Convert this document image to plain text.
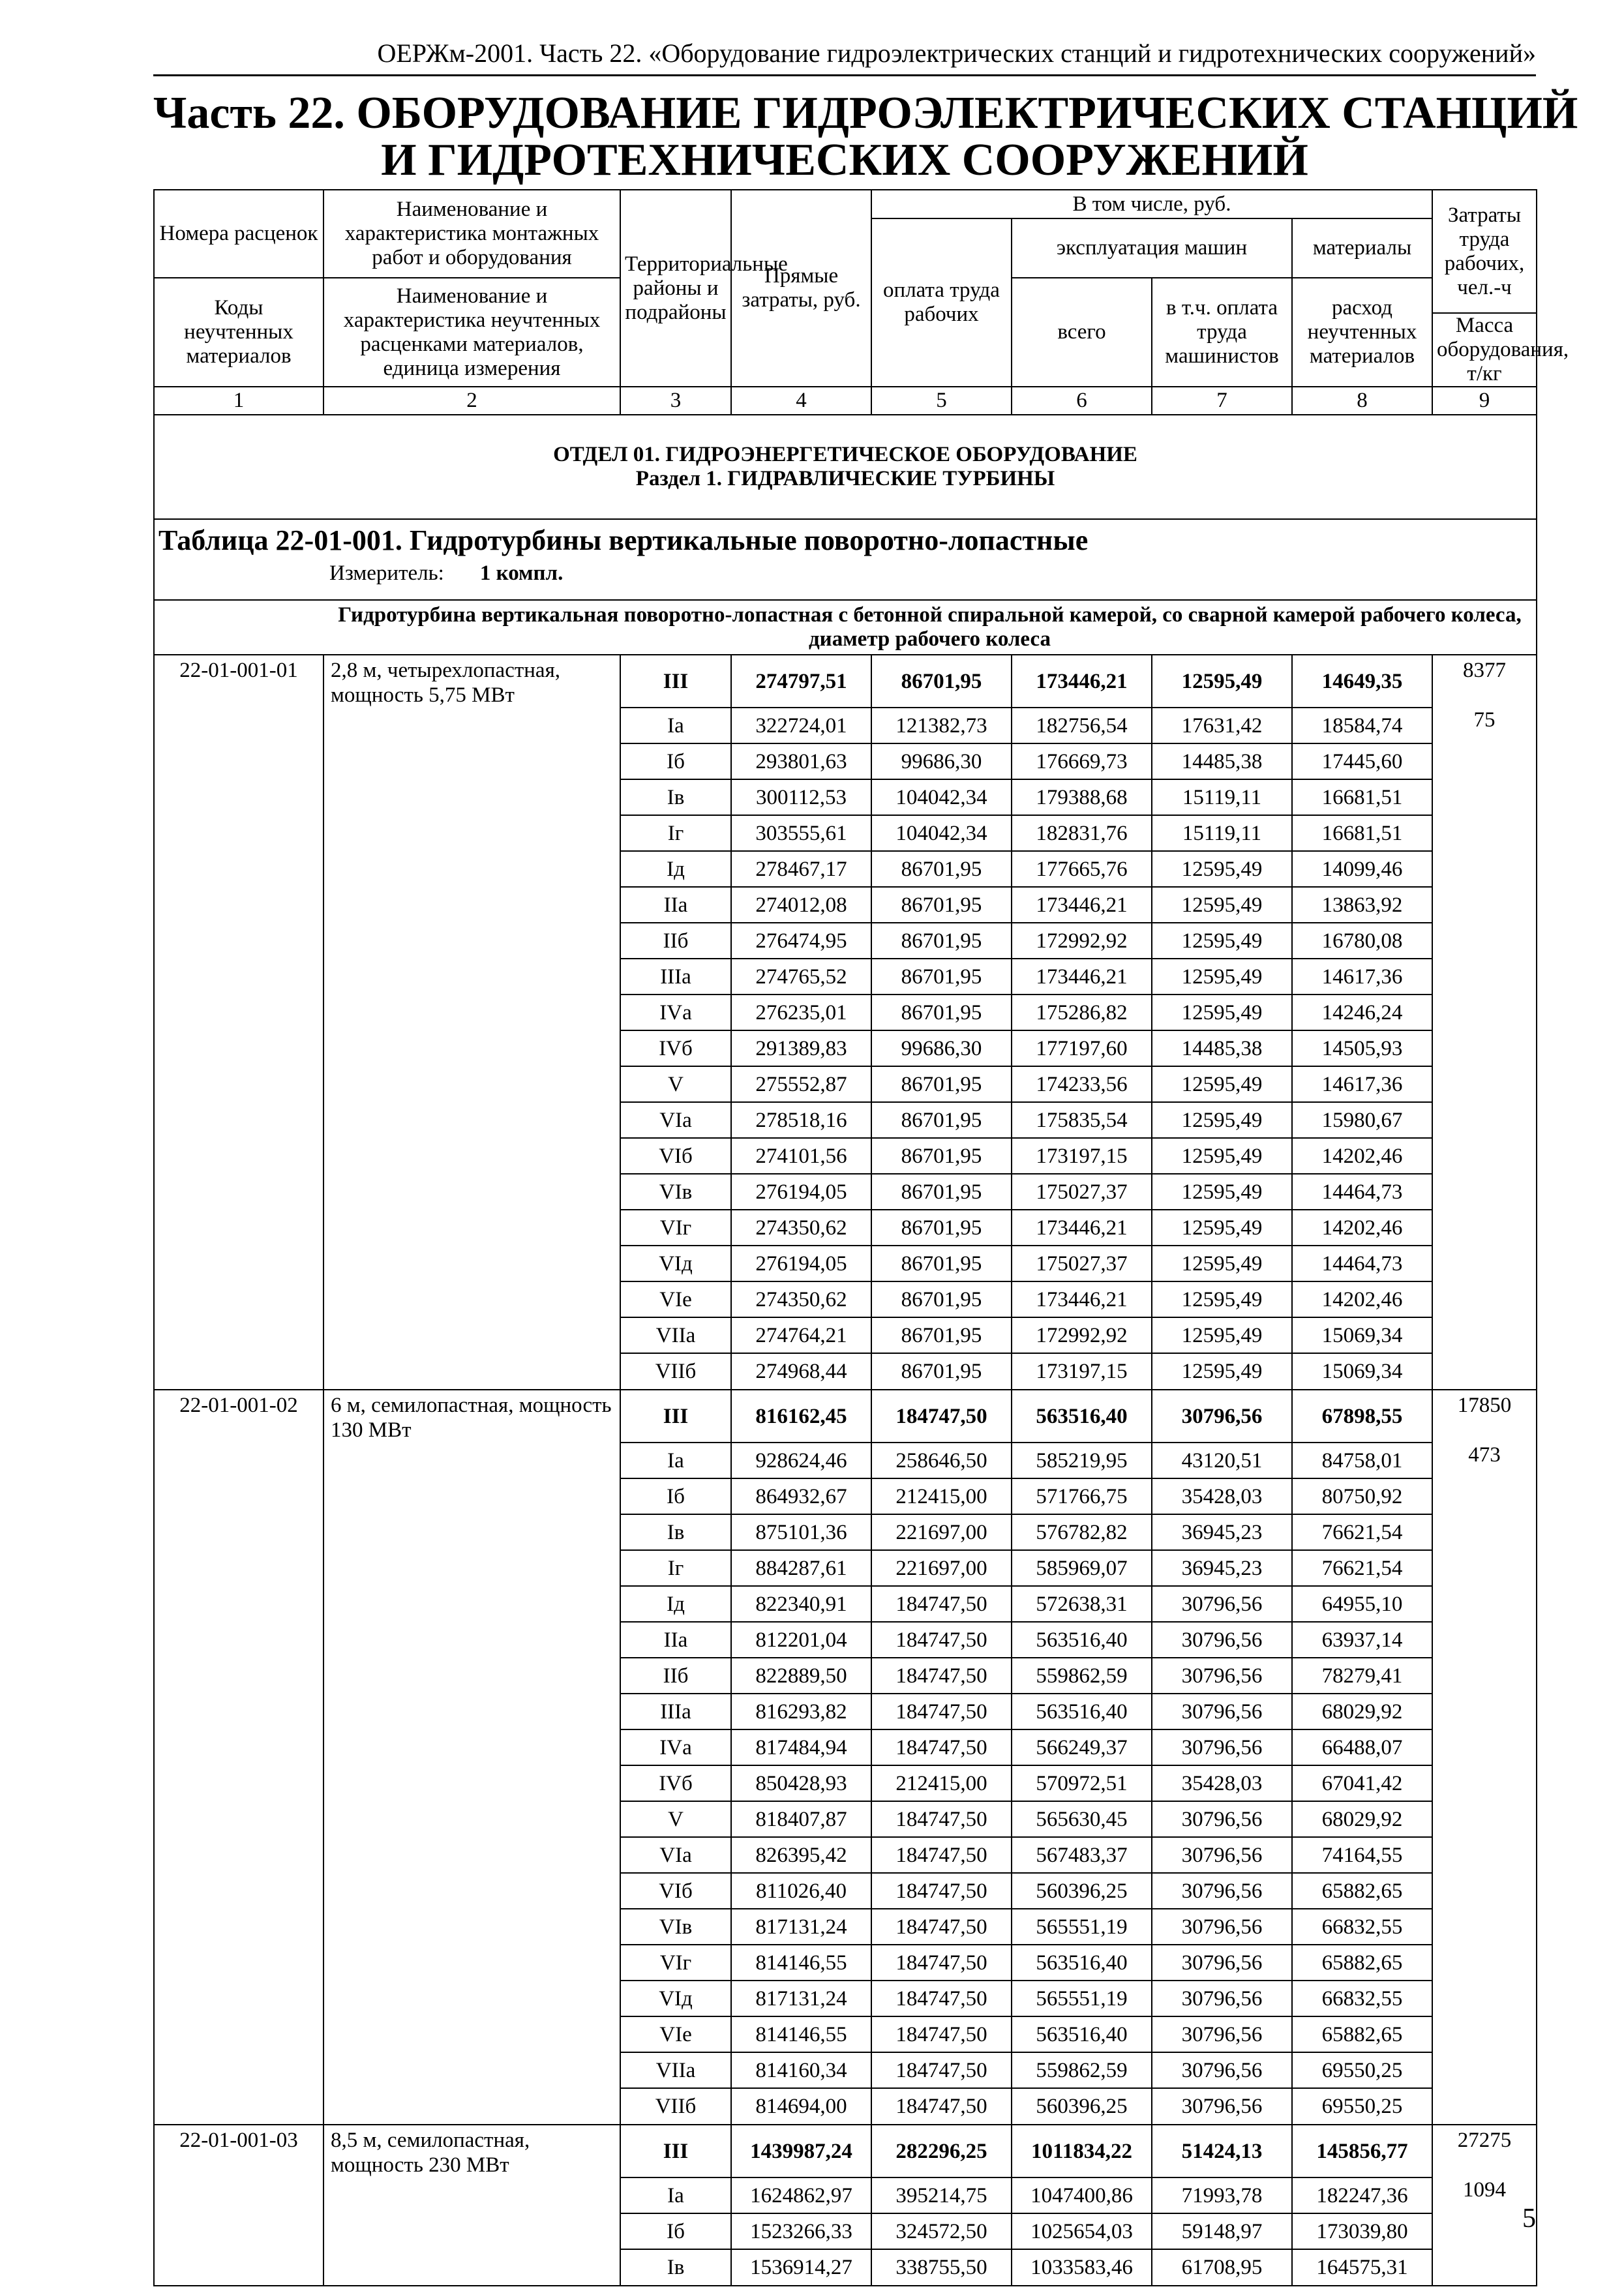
ОЕРЖм-2001. Часть 22. «Оборудование гидроэлектрических станций и гидротехнических сооружений»
Часть 22. ОБОРУДОВАНИЕ ГИДРОЭЛЕКТРИЧЕСКИХ СТАНЦИЙ
И ГИДРОТЕХНИЧЕСКИХ СООРУЖЕНИЙ
Номера расценок	Наименование и характеристика монтажных работ и оборудования	Территориальные районы и подрайоны	Прямые затраты, руб.	В том числе, руб.				Затраты труда рабочих, чел.-ч
				оплата труда рабочих	эксплуатация машин		материалы	
Коды неучтенных материалов	Наименование и характеристика неучтенных расценками материалов, единица измерения				всего	в т.ч. оплата труда машинистов	расход неучтенных материалов	
								Масса оборудования, т/кг
1	2	3	4	5	6	7	8	9

ОТДЕЛ 01. ГИДРОЭНЕРГЕТИЧЕСКОЕ ОБОРУДОВАНИЕ
Раздел 1. ГИДРАВЛИЧЕСКИЕ ТУРБИНЫ								

Таблица 22-01-001. Гидротурбины вертикальные поворотно-лопастные
Измеритель: 1 компл.								

	Гидротурбина вертикальная поворотно-лопастная с бетонной спиральной камерой, со сварной камерой рабочего колеса, диаметр рабочего колеса							
22-01-001-01	2,8 м, четырехлопастная, мощность 5,75 МВт	III	274797,51	86701,95	173446,21	12595,49	14649,35	8377
		Iа	322724,01	121382,73	182756,54	17631,42	18584,74	75
		Iб	293801,63	99686,30	176669,73	14485,38	17445,60	
		Iв	300112,53	104042,34	179388,68	15119,11	16681,51	
		Iг	303555,61	104042,34	182831,76	15119,11	16681,51	
		Iд	278467,17	86701,95	177665,76	12595,49	14099,46	
		IIа	274012,08	86701,95	173446,21	12595,49	13863,92	
		IIб	276474,95	86701,95	172992,92	12595,49	16780,08	
		IIIа	274765,52	86701,95	173446,21	12595,49	14617,36	
		IVа	276235,01	86701,95	175286,82	12595,49	14246,24	
		IVб	291389,83	99686,30	177197,60	14485,38	14505,93	
		V	275552,87	86701,95	174233,56	12595,49	14617,36	
		VIа	278518,16	86701,95	175835,54	12595,49	15980,67	
		VIб	274101,56	86701,95	173197,15	12595,49	14202,46	
		VIв	276194,05	86701,95	175027,37	12595,49	14464,73	
		VIг	274350,62	86701,95	173446,21	12595,49	14202,46	
		VIд	276194,05	86701,95	175027,37	12595,49	14464,73	
		VIе	274350,62	86701,95	173446,21	12595,49	14202,46	
		VIIа	274764,21	86701,95	172992,92	12595,49	15069,34	
		VIIб	274968,44	86701,95	173197,15	12595,49	15069,34	
22-01-001-02	6 м, семилопастная, мощность 130 МВт	III	816162,45	184747,50	563516,40	30796,56	67898,55	17850
		Iа	928624,46	258646,50	585219,95	43120,51	84758,01	473
		Iб	864932,67	212415,00	571766,75	35428,03	80750,92	
		Iв	875101,36	221697,00	576782,82	36945,23	76621,54	
		Iг	884287,61	221697,00	585969,07	36945,23	76621,54	
		Iд	822340,91	184747,50	572638,31	30796,56	64955,10	
		IIа	812201,04	184747,50	563516,40	30796,56	63937,14	
		IIб	822889,50	184747,50	559862,59	30796,56	78279,41	
		IIIа	816293,82	184747,50	563516,40	30796,56	68029,92	
		IVа	817484,94	184747,50	566249,37	30796,56	66488,07	
		IVб	850428,93	212415,00	570972,51	35428,03	67041,42	
		V	818407,87	184747,50	565630,45	30796,56	68029,92	
		VIа	826395,42	184747,50	567483,37	30796,56	74164,55	
		VIб	811026,40	184747,50	560396,25	30796,56	65882,65	
		VIв	817131,24	184747,50	565551,19	30796,56	66832,55	
		VIг	814146,55	184747,50	563516,40	30796,56	65882,65	
		VIд	817131,24	184747,50	565551,19	30796,56	66832,55	
		VIе	814146,55	184747,50	563516,40	30796,56	65882,65	
		VIIа	814160,34	184747,50	559862,59	30796,56	69550,25	
		VIIб	814694,00	184747,50	560396,25	30796,56	69550,25	
22-01-001-03	8,5 м, семилопастная, мощность 230 МВт	III	1439987,24	282296,25	1011834,22	51424,13	145856,77	27275
		Iа	1624862,97	395214,75	1047400,86	71993,78	182247,36	1094
		Iб	1523266,33	324572,50	1025654,03	59148,97	173039,80	
		Iв	1536914,27	338755,50	1033583,46	61708,95	164575,31	
5
